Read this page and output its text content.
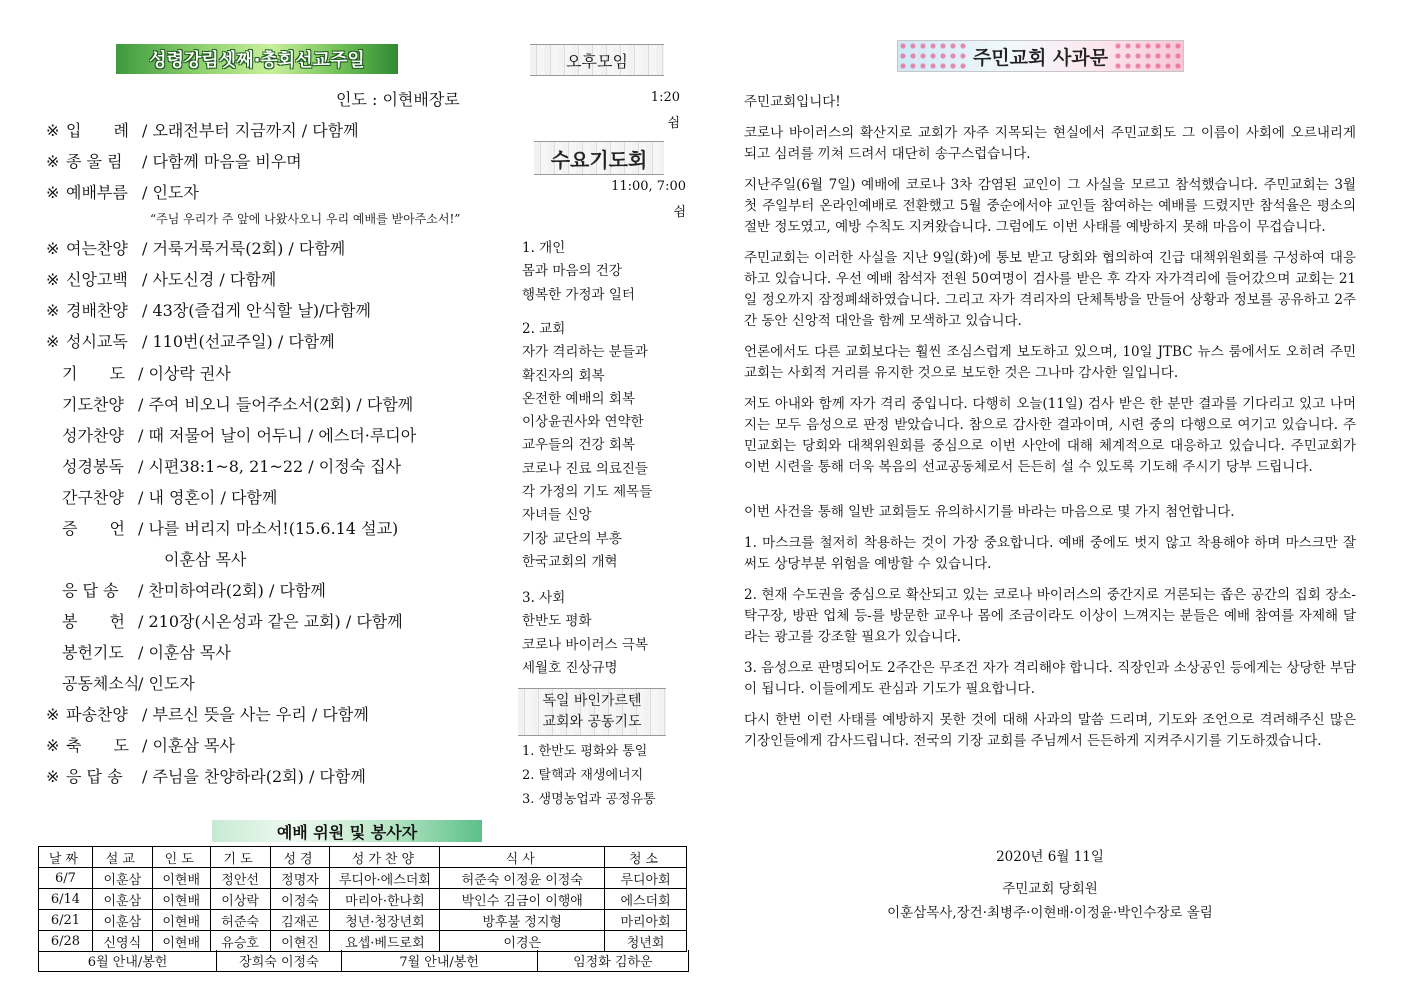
성령강림셋째·총회선교주일
인도 : 이현배장로
※ 입　　례 / 오래전부터 지금까지 / 다함께
※ 종 울 림 / 다함께 마음을 비우며
※ 예배부름 / 인도자
※ 여는찬양 / 거룩거룩거룩(2회) / 다함께
※ 신앙고백 / 사도신경 / 다함께
※ 경배찬양 / 43장(즐겁게 안식할 날)/다함께
※ 성시교독 / 110번(선교주일) / 다함께
기　　도 / 이상락 권사
기도찬양 / 주여 비오니 들어주소서(2회) / 다함께
성가찬양 / 때 저물어 날이 어두니 / 에스더·루디아
성경봉독 / 시편38:1~8, 21~22 / 이정숙 집사
간구찬양 / 내 영혼이 / 다함께
증　　언 / 나를 버리지 마소서!(15.6.14 설교)
이훈삼 목사
응 답 송 / 찬미하여라(2회) / 다함께
봉　　헌 / 210장(시온성과 같은 교회) / 다함께
봉헌기도 / 이훈삼 목사
공동체소식/ 인도자
※ 파송찬양 / 부르신 뜻을 사는 우리 / 다함께
※ 축　　도 / 이훈삼 목사
※ 응 답 송 / 주님을 찬양하라(2회) / 다함께
“주님 우리가 주 앞에 나왔사오니 우리 예배를 받아주소서!”
오후모임
1:20
쉼
수요기도회
11:00, 7:00
쉼
1. 개인
몸과 마음의 건강
행복한 가정과 일터
2. 교회
자가 격리하는 분들과
확진자의 회복
온전한 예배의 회복
이상윤권사와 연약한
교우들의 건강 회복
코로나 진료 의료진들
각 가정의 기도 제목들
자녀들 신앙
기장 교단의 부흥
한국교회의 개혁
3. 사회
한반도 평화
코로나 바이러스 극복
세월호 진상규명
독일 바인가르텐
교회와 공동기도
1. 한반도 평화와 통일
2. 탈핵과 재생에너지
3. 생명농업과 공정유통
예배 위원 및 봉사자
날짜	설교	인도	기도	성경	성가찬양	식사	청소
6/7	이훈삼	이현배	정안선	정명자	루디아·에스더회	허준숙 이정윤 이정숙	루디아회
6/14	이훈삼	이현배	이상락	이정숙	마리아·한나회	박인수 김금이 이행애	에스더회
6/21	이훈삼	이현배	허준숙	김재곤	청년·청장년회	방후불 정지형	마리아회
6/28	신영식	이현배	유승호	이현진	요셉·베드로회	이경은	청년회
6월 안내/봉헌	장희숙 이정숙	7월 안내/봉헌	임정화 김하운
주민교회 사과문

주민교회입니다!

코로나 바이러스의 확산지로 교회가 자주 지목되는 현실에서 주민교회도 그 이름이 사회에 오르내리게 되고 심려를 끼쳐 드려서 대단히 송구스럽습니다.

지난주일(6월 7일) 예배에 코로나 3차 감염된 교인이 그 사실을 모르고 참석했습니다. 주민교회는 3월 첫 주일부터 온라인예배로 전환했고 5월 중순에서야 교인들 참여하는 예배를 드렸지만 참석율은 평소의 절반 정도였고, 예방 수칙도 지켜왔습니다. 그럼에도 이번 사태를 예방하지 못해 마음이 무겁습니다.

주민교회는 이러한 사실을 지난 9일(화)에 통보 받고 당회와 협의하여 긴급 대책위원회를 구성하여 대응하고 있습니다. 우선 예배 참석자 전원 50여명이 검사를 받은 후 각자 자가격리에 들어갔으며 교회는 21일 정오까지 잠정폐쇄하였습니다. 그리고 자가 격리자의 단체톡방을 만들어 상황과 정보를 공유하고 2주간 동안 신앙적 대안을 함께 모색하고 있습니다.

언론에서도 다른 교회보다는 훨씬 조심스럽게 보도하고 있으며, 10일 JTBC 뉴스 룸에서도 오히려 주민교회는 사회적 거리를 유지한 것으로 보도한 것은 그나마 감사한 일입니다.

저도 아내와 함께 자가 격리 중입니다. 다행히 오늘(11일) 검사 받은 한 분만 결과를 기다리고 있고 나머지는 모두 음성으로 판정 받았습니다. 참으로 감사한 결과이며, 시련 중의 다행으로 여기고 있습니다. 주민교회는 당회와 대책위원회를 중심으로 이번 사안에 대해 체계적으로 대응하고 있습니다. 주민교회가 이번 시련을 통해 더욱 복음의 선교공동체로서 든든히 설 수 있도록 기도해 주시기 당부 드립니다.

이번 사건을 통해 일반 교회들도 유의하시기를 바라는 마음으로 몇 가지 첨언합니다.

1. 마스크를 철저히 착용하는 것이 가장 중요합니다. 예배 중에도 벗지 않고 착용해야 하며 마스크만 잘 써도 상당부분 위험을 예방할 수 있습니다.

2. 현재 수도권을 중심으로 확산되고 있는 코로나 바이러스의 중간지로 거론되는 좁은 공간의 집회 장소-탁구장, 방판 업체 등-를 방문한 교우나 몸에 조금이라도 이상이 느껴지는 분들은 예배 참여를 자제해 달라는 광고를 강조할 필요가 있습니다.

3. 음성으로 판명되어도 2주간은 무조건 자가 격리해야 합니다. 직장인과 소상공인 등에게는 상당한 부담이 됩니다. 이들에게도 관심과 기도가 필요합니다.

다시 한번 이런 사태를 예방하지 못한 것에 대해 사과의 말씀 드리며, 기도와 조언으로 격려해주신 많은 기장인들에게 감사드립니다. 전국의 기장 교회를 주님께서 든든하게 지켜주시기를 기도하겠습니다.

2020년 6월 11일
주민교회 당회원
이훈삼목사,장건·최병주·이현배·이정윤·박인수장로 올림
